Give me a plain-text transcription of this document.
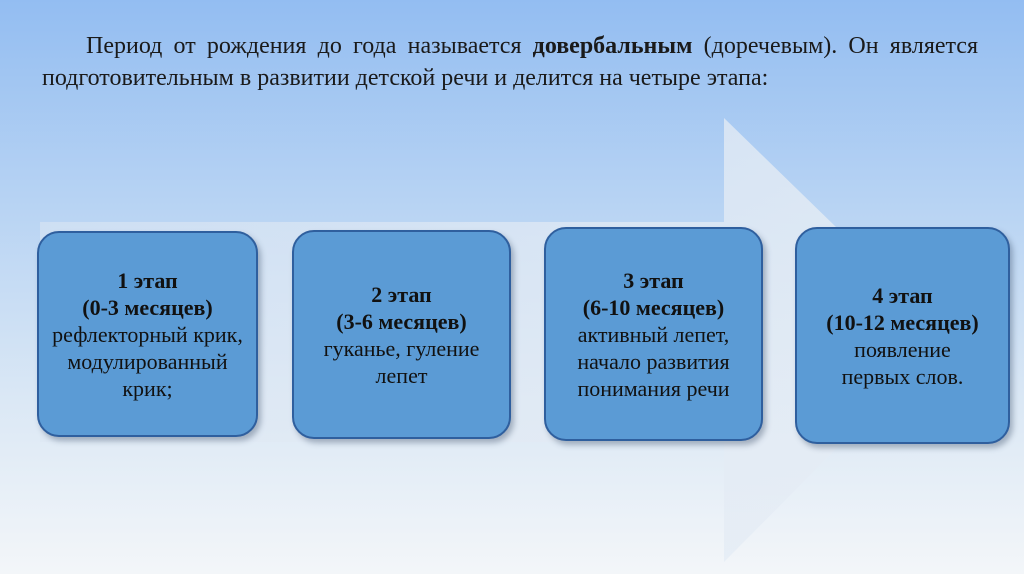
Период от рождения до года называется довербальным (доречевым). Он является подготовительным в развитии детской речи и делится на четыре этапа:

1 этап
(0-3 месяцев)
рефлекторный крик, модулированный крик;
2 этап
(3-6 месяцев)
гуканье, гуление лепет
3 этап
(6-10 месяцев)
активный лепет, начало развития понимания речи
4 этап
(10-12 месяцев)
появление первых слов.
